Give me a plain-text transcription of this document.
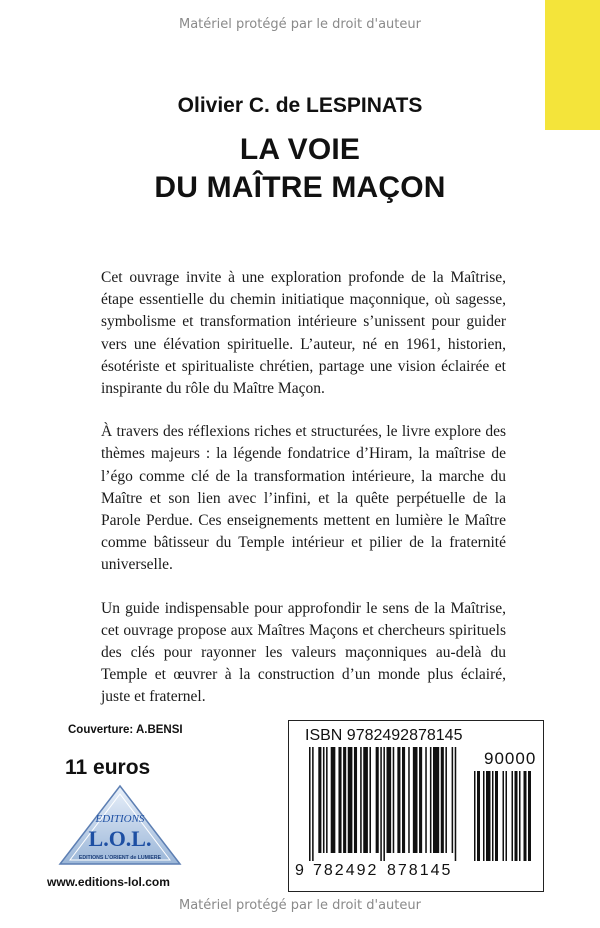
Matériel protégé par le droit d'auteur
Olivier C. de LESPINATS
LA VOIE
DU MAÎTRE MAÇON

Cet ouvrage invite à une exploration profonde de la Maîtrise, étape essentielle du chemin initiatique maçonnique, où sagesse, symbolisme et transformation intérieure s’unissent pour guider vers une élévation spirituelle. L’auteur, né en 1961, historien, ésotériste et spiritualiste chrétien, partage une vision éclairée et inspirante du rôle du Maître Maçon.

À travers des réflexions riches et structurées, le livre explore des thèmes majeurs : la légende fondatrice d’Hiram, la maîtrise de l’égo comme clé de la transformation intérieure, la marche du Maître et son lien avec l’infini, et la quête perpétuelle de la Parole Perdue. Ces enseignements mettent en lumière le Maître comme bâtisseur du Temple intérieur et pilier de la fraternité universelle.

Un guide indispensable pour approfondir le sens de la Maîtrise, cet ouvrage propose aux Maîtres Maçons et chercheurs spirituels des clés pour rayonner les valeurs maçonniques au-delà du Temple et œuvrer à la construction d’un monde plus éclairé, juste et fraternel.

Couverture: A.BENSI
11 euros
EDITIONS
L.O.L.
EDITIONS L'ORIENT de LUMIERE
www.editions-lol.com
ISBN 9782492878145
90000
9 782492 878145
Matériel protégé par le droit d'auteur
